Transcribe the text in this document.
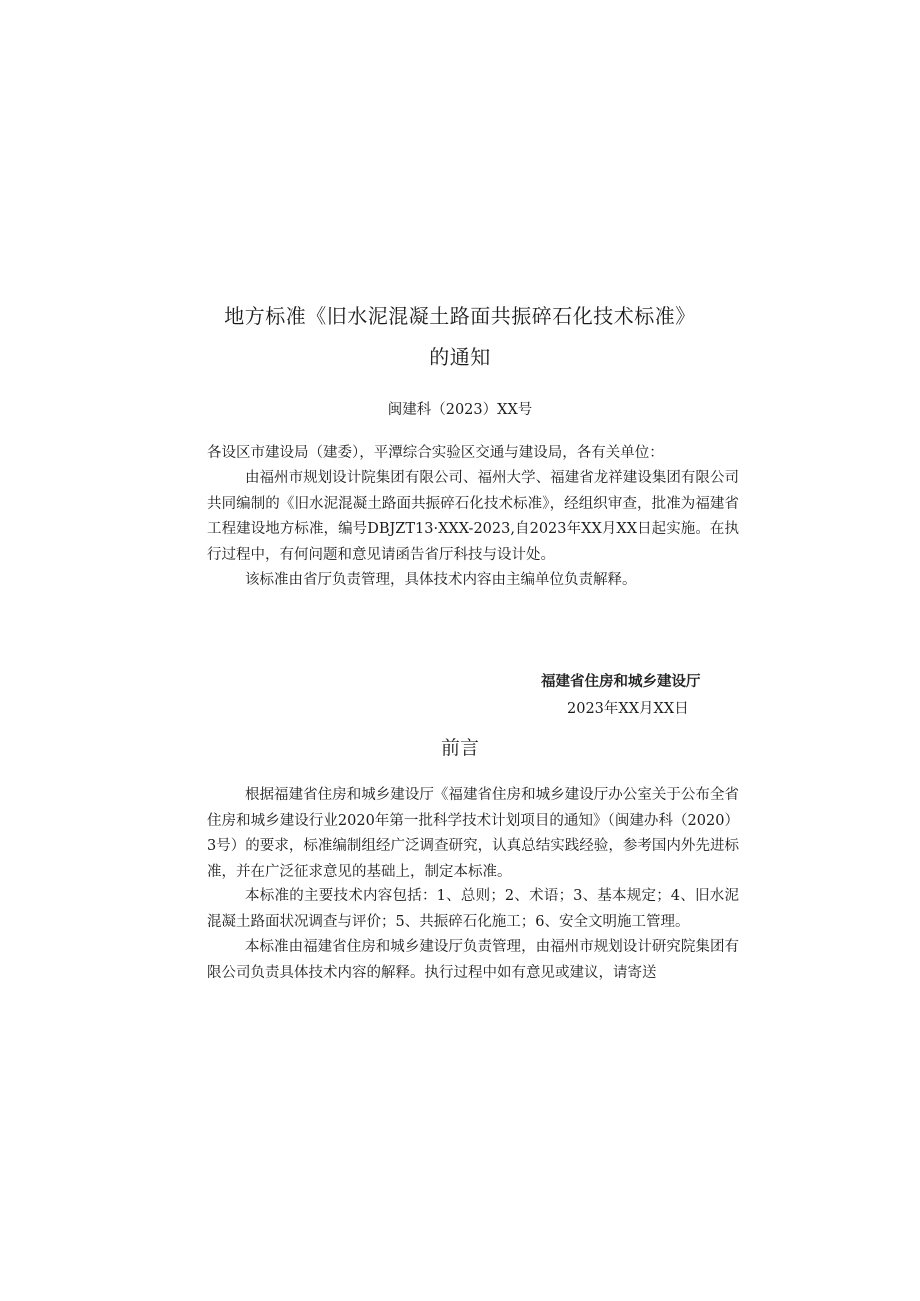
地方标准《旧水泥混凝土路面共振碎石化技术标准》
的通知
闽建科（2023）XX号
各设区市建设局（建委），平潭综合实验区交通与建设局，各有关单位：
由福州市规划设计院集团有限公司、福州大学、福建省龙祥建设集团有限公司共同编制的《旧水泥混凝土路面共振碎石化技术标准》，经组织审查，批准为福建省工程建设地方标准，编号DBJZT13·XXX-2023,自2023年XX月XX日起实施。在执行过程中，有何问题和意见请函告省厅科技与设计处。
该标准由省厅负责管理，具体技术内容由主编单位负责解释。
福建省住房和城乡建设厅
2023年XX月XX日
前言
根据福建省住房和城乡建设厅《福建省住房和城乡建设厅办公室关于公布全省住房和城乡建设行业2020年第一批科学技术计划项目的通知》（闽建办科（2020）3号）的要求，标准编制组经广泛调查研究，认真总结实践经验，参考国内外先进标准，并在广泛征求意见的基础上，制定本标准。
本标准的主要技术内容包括：1、总则；2、术语；3、基本规定；4、旧水泥混凝土路面状况调查与评价；5、共振碎石化施工；6、安全文明施工管理。
本标准由福建省住房和城乡建设厅负责管理，由福州市规划设计研究院集团有限公司负责具体技术内容的解释。执行过程中如有意见或建议，请寄送
